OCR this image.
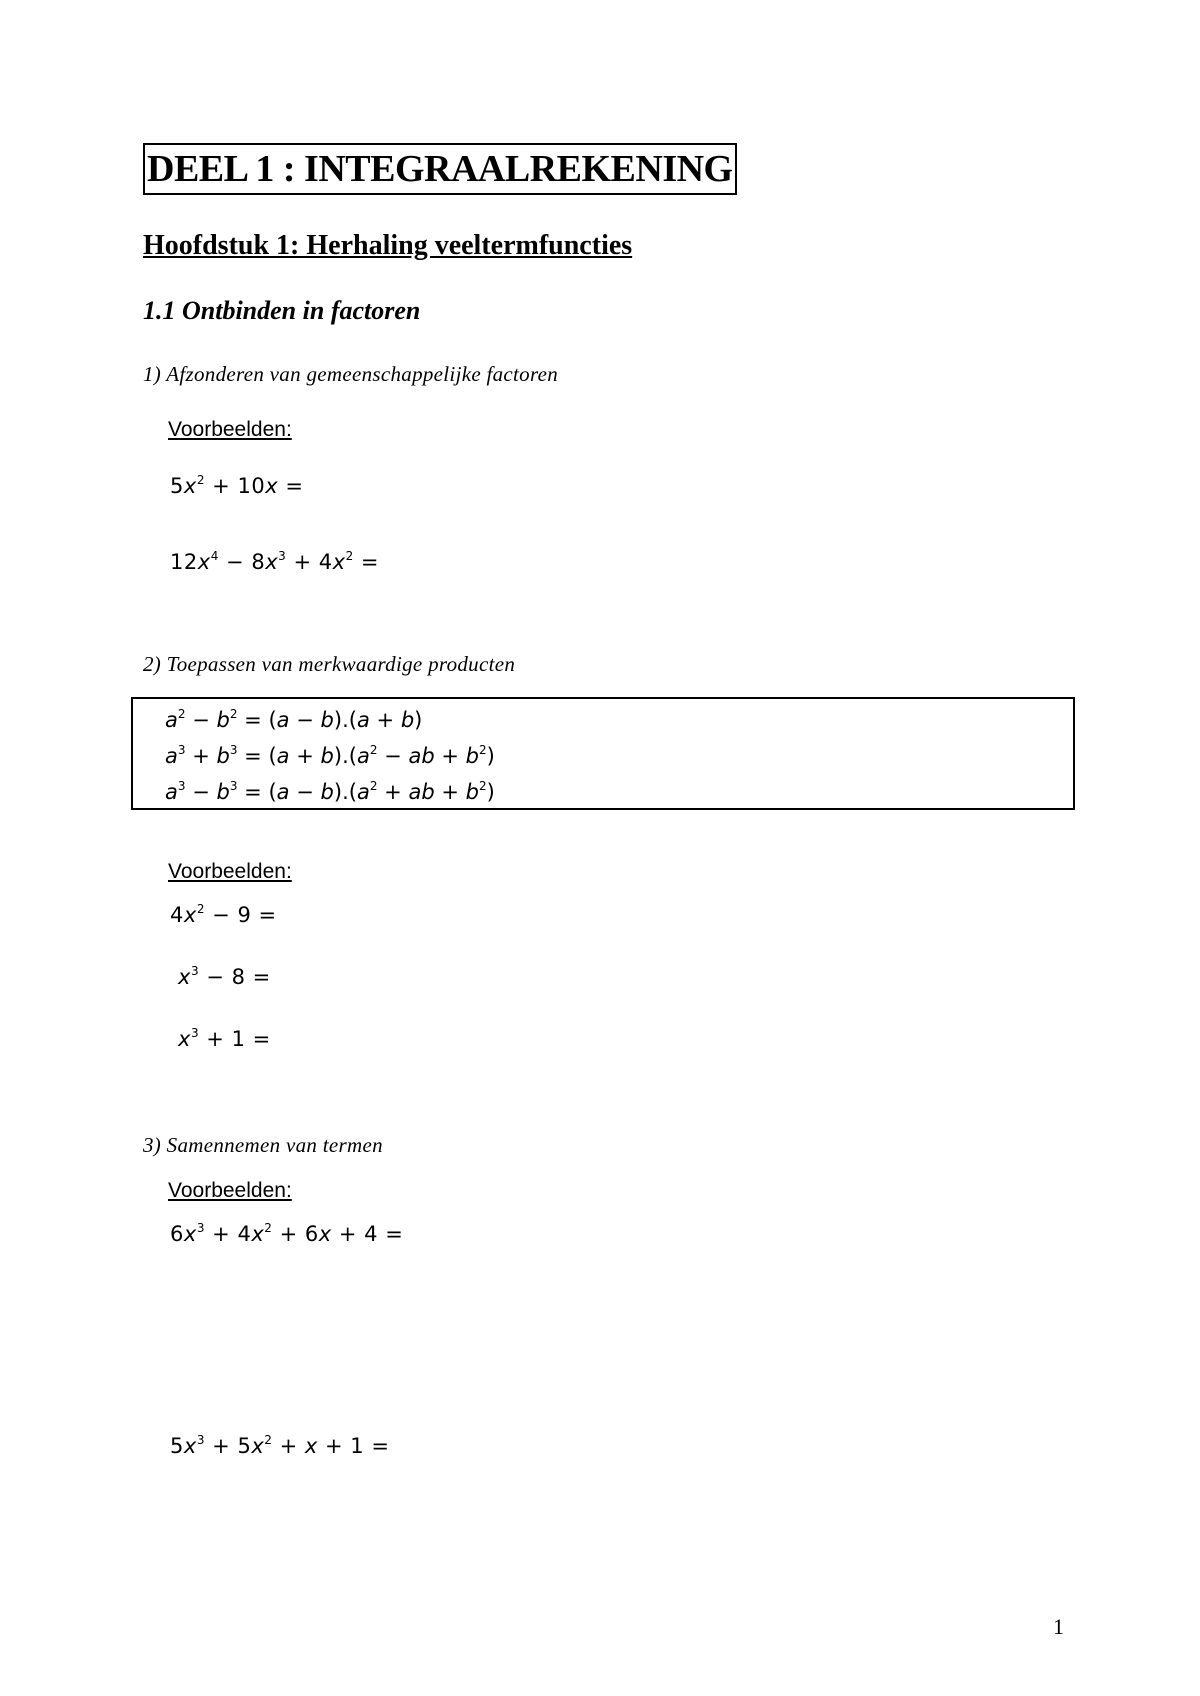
DEEL 1 : INTEGRAALREKENING
Hoofdstuk 1: Herhaling veeltermfuncties
1.1 Ontbinden in factoren
1) Afzonderen van gemeenschappelijke factoren
Voorbeelden:
$5x^2 + 10x$ =
$12x^4 - 8x^3 + 4x^2$ =
2) Toepassen van merkwaardige producten
$a^2 - b^2 = (a - b).(a + b)$
$a^3 + b^3 = (a + b).(a^2$ − ab + $b^2$)
$a^3 - b^3 = (a - b).(a^2$ + ab + $b^2$)
Voorbeelden:
$4x^2 - 9$ =
$x^3 - 8$ =
$x^3 + 1$ =
3) Samennemen van termen
Voorbeelden:
$6x^3 + 4x^2 + 6x + 4$ =
$5x^3 + 5x^2 + x + 1$ =
1
